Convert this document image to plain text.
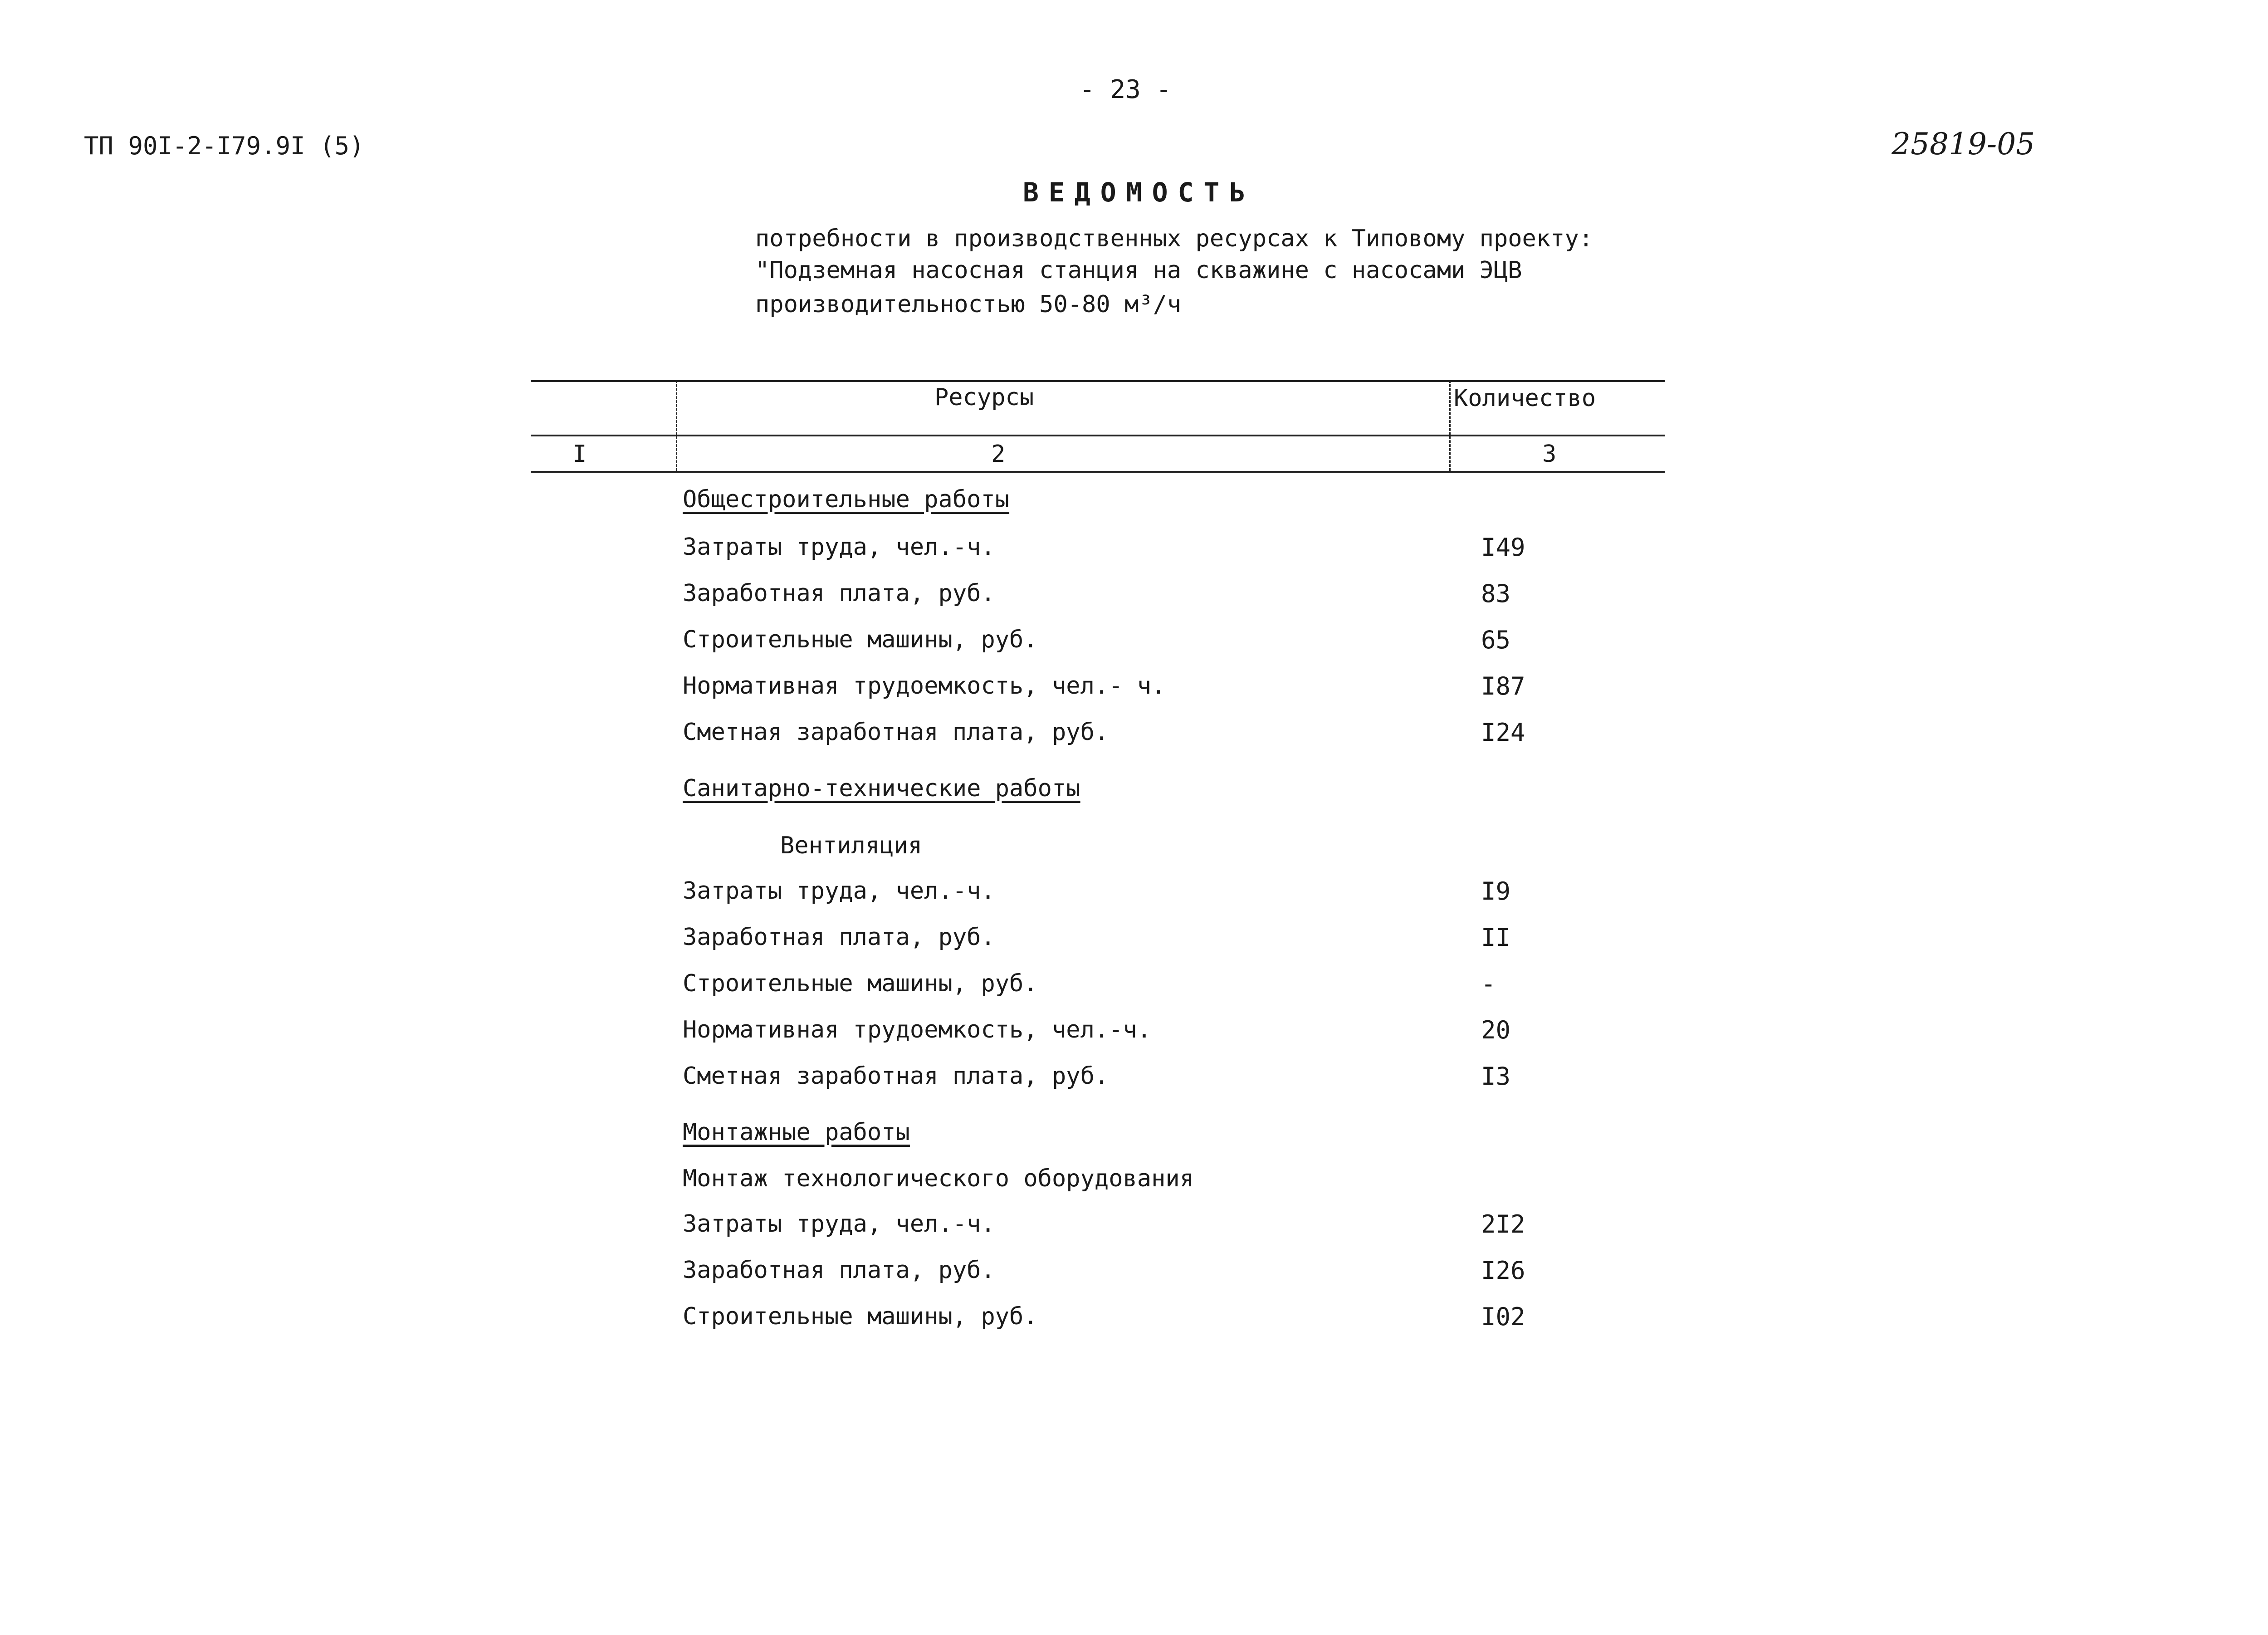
- 23 -
ТП 90I-2-I79.9I (5)	25819-05
ВЕДОМОСТЬ
потребности в производственных ресурсах к Типовому проекту:
"Подземная насосная станция на скважине с насосами ЭЦВ
производительностью 50-80 м³/ч
Ресурсы	Количество
I	2	3
Общестроительные работы
Затраты труда, чел.-ч.	I49
Заработная плата, руб.	83
Строительные машины, руб.	65
Нормативная трудоемкость, чел.- ч.	I87
Сметная заработная плата, руб.	I24
Санитарно-технические работы
Вентиляция
Затраты труда, чел.-ч.	I9
Заработная плата, руб.	II
Строительные машины, руб.	-
Нормативная трудоемкость, чел.-ч.	20
Сметная заработная плата, руб.	I3
Монтажные работы
Монтаж технологического оборудования
Затраты труда, чел.-ч.	2I2
Заработная плата, руб.	I26
Строительные машины, руб.	I02
